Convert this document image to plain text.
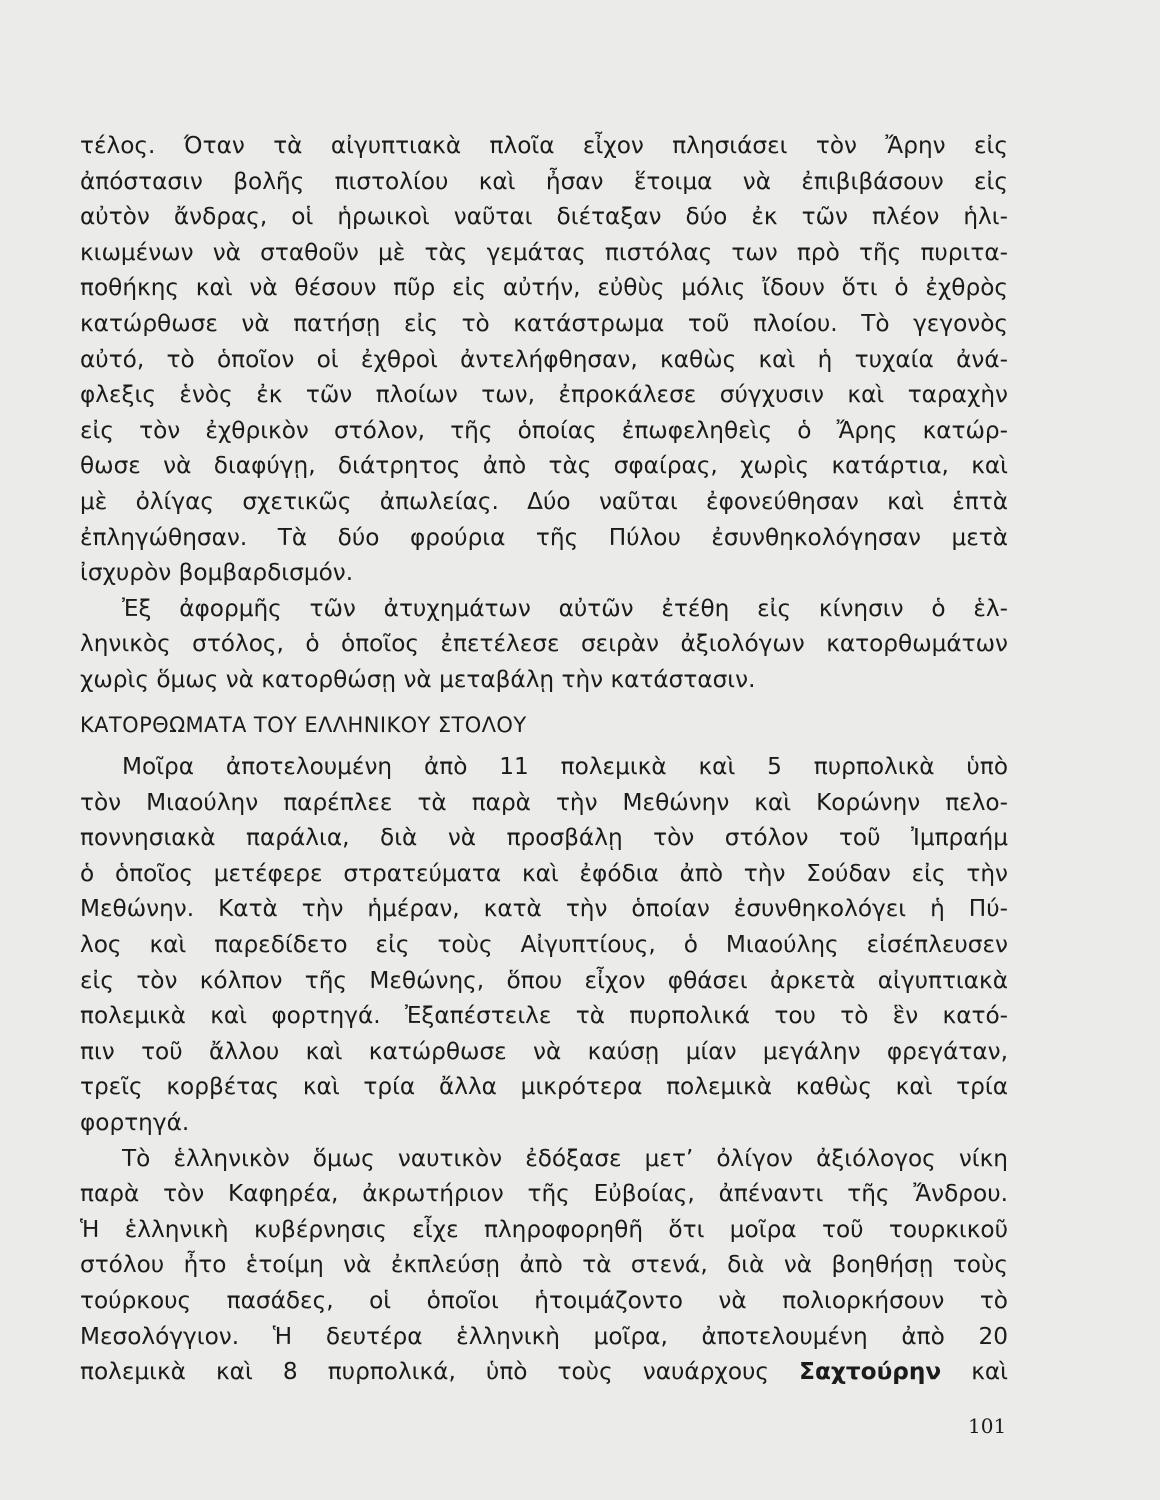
τέλος. Όταν τὰ αἰγυπτιακὰ πλοῖα εἶχον πλησιάσει τὸν Ἄρην εἰς
ἀπόστασιν βολῆς πιστολίου καὶ ἦσαν ἕτοιμα νὰ ἐπιβιβάσουν εἰς
αὐτὸν ἄνδρας, οἱ ἡρωικοὶ ναῦται διέταξαν δύο ἐκ τῶν πλέον ἡλι-
κιωμένων νὰ σταθοῦν μὲ τὰς γεμάτας πιστόλας των πρὸ τῆς πυριτα-
ποθήκης καὶ νὰ θέσουν πῦρ εἰς αὐτήν, εὐθὺς μόλις ἴδουν ὅτι ὁ ἐχθρὸς
κατώρθωσε νὰ πατήσῃ εἰς τὸ κατάστρωμα τοῦ πλοίου. Τὸ γεγονὸς
αὐτό, τὸ ὁποῖον οἱ ἐχθροὶ ἀντελήφθησαν, καθὼς καὶ ἡ τυχαία ἀνά-
φλεξις ἑνὸς ἐκ τῶν πλοίων των, ἐπροκάλεσε σύγχυσιν καὶ ταραχὴν
εἰς τὸν ἐχθρικὸν στόλον, τῆς ὁποίας ἐπωφεληθεὶς ὁ Ἄρης κατώρ-
θωσε νὰ διαφύγῃ, διάτρητος ἀπὸ τὰς σφαίρας, χωρὶς κατάρτια, καὶ
μὲ ὀλίγας σχετικῶς ἀπωλείας. Δύο ναῦται ἐφονεύθησαν καὶ ἑπτὰ
ἐπληγώθησαν. Τὰ δύο φρούρια τῆς Πύλου ἐσυνθηκολόγησαν μετὰ
ἰσχυρὸν βομβαρδισμόν.
Ἐξ ἀφορμῆς τῶν ἀτυχημάτων αὐτῶν ἐτέθη εἰς κίνησιν ὁ ἑλ-
ληνικὸς στόλος, ὁ ὁποῖος ἐπετέλεσε σειρὰν ἀξιολόγων κατορθωμάτων
χωρὶς ὅμως νὰ κατορθώσῃ νὰ μεταβάλῃ τὴν κατάστασιν.
ΚΑΤΟΡΘΩΜΑΤΑ ΤΟΥ ΕΛΛΗΝΙΚΟΥ ΣΤΟΛΟΥ
Μοῖρα ἀποτελουμένη ἀπὸ 11 πολεμικὰ καὶ 5 πυρπολικὰ ὑπὸ
τὸν Μιαούλην παρέπλεε τὰ παρὰ τὴν Μεθώνην καὶ Κορώνην πελο-
ποννησιακὰ παράλια, διὰ νὰ προσβάλῃ τὸν στόλον τοῦ Ἰμπραήμ
ὁ ὁποῖος μετέφερε στρατεύματα καὶ ἐφόδια ἀπὸ τὴν Σούδαν εἰς τὴν
Μεθώνην. Κατὰ τὴν ἡμέραν, κατὰ τὴν ὁποίαν ἐσυνθηκολόγει ἡ Πύ-
λος καὶ παρεδίδετο εἰς τοὺς Αἰγυπτίους, ὁ Μιαούλης εἰσέπλευσεν
εἰς τὸν κόλπον τῆς Μεθώνης, ὅπου εἶχον φθάσει ἀρκετὰ αἰγυπτιακὰ
πολεμικὰ καὶ φορτηγά. Ἐξαπέστειλε τὰ πυρπολικά του τὸ ἓν κατό-
πιν τοῦ ἄλλου καὶ κατώρθωσε νὰ καύσῃ μίαν μεγάλην φρεγάταν,
τρεῖς κορβέτας καὶ τρία ἄλλα μικρότερα πολεμικὰ καθὼς καὶ τρία
φορτηγά.
Τὸ ἑλληνικὸν ὅμως ναυτικὸν ἐδόξασε μετ’ ὀλίγον ἀξιόλογος νίκη
παρὰ τὸν Καφηρέα, ἀκρωτήριον τῆς Εὐβοίας, ἀπέναντι τῆς Ἄνδρου.
Ἡ ἑλληνικὴ κυβέρνησις εἶχε πληροφορηθῆ ὅτι μοῖρα τοῦ τουρκικοῦ
στόλου ἦτο ἑτοίμη νὰ ἐκπλεύσῃ ἀπὸ τὰ στενά, διὰ νὰ βοηθήσῃ τοὺς
τούρκους πασάδες, οἱ ὁποῖοι ἡτοιμάζοντο νὰ πολιορκήσουν τὸ
Μεσολόγγιον. Ἡ δευτέρα ἑλληνικὴ μοῖρα, ἀποτελουμένη ἀπὸ 20
πολεμικὰ καὶ 8 πυρπολικά, ὑπὸ τοὺς ναυάρχους Σαχτούρην καὶ
101
